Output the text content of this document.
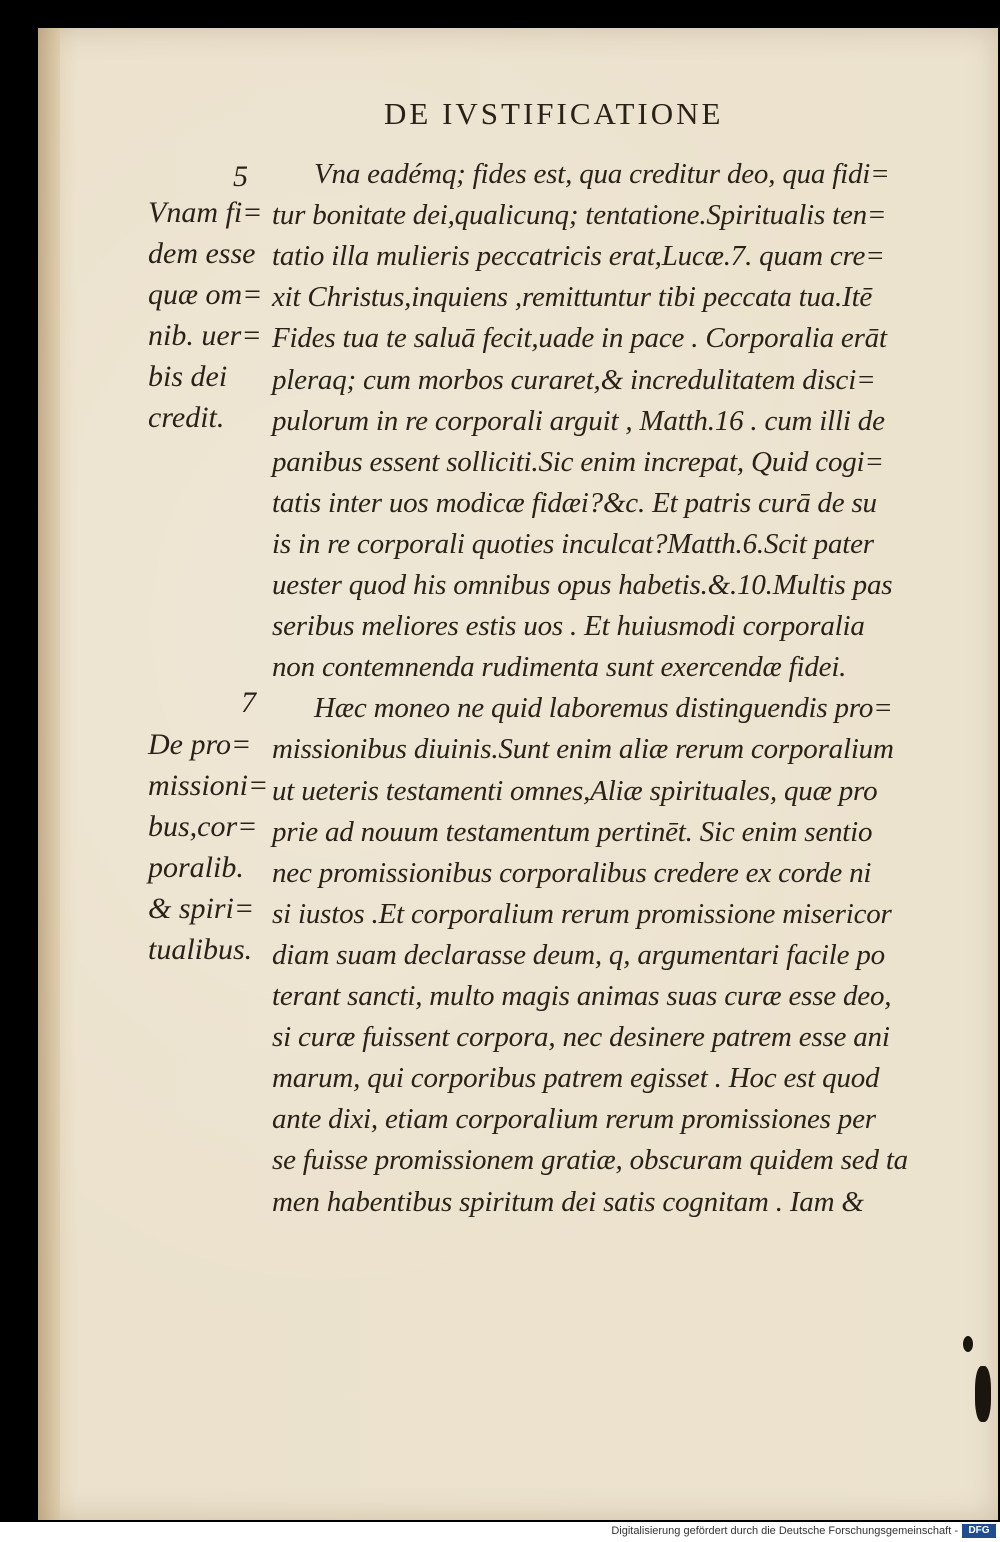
DE IVSTIFICATIONE
5
7
Vnam fi=
dem esse
quæ om=
nib. uer=
bis dei
credit.
De pro=
missioni=
bus,cor=
poralib.
& spiri=
tualibus.
Vna eadémq; fides est, qua creditur deo, qua fidi=
tur bonitate dei,qualicunq; tentatione.Spiritualis ten=
tatio illa mulieris peccatricis erat,Lucæ.7. quam cre=
xit Christus,inquiens ,remittuntur tibi peccata tua.Itē
Fides tua te saluā fecit,uade in pace . Corporalia erāt
pleraq; cum morbos curaret,& incredulitatem disci=
pulorum in re corporali arguit , Matth.16 . cum illi de
panibus essent solliciti.Sic enim increpat, Quid cogi=
tatis inter uos modicæ fidæi?&c. Et patris curā de su
is in re corporali quoties inculcat?Matth.6.Scit pater
uester quod his omnibus opus habetis.&.10.Multis pas
seribus meliores estis uos . Et huiusmodi corporalia
non contemnenda rudimenta sunt exercendæ fidei.
Hæc moneo ne quid laboremus distinguendis pro=
missionibus diuinis.Sunt enim aliæ rerum corporalium
ut ueteris testamenti omnes,Aliæ spirituales, quæ pro
prie ad nouum testamentum pertinēt. Sic enim sentio
nec promissionibus corporalibus credere ex corde ni
si iustos .Et corporalium rerum promissione misericor
diam suam declarasse deum, q, argumentari facile po
terant sancti, multo magis animas suas curæ esse deo,
si curæ fuissent corpora, nec desinere patrem esse ani
marum, qui corporibus patrem egisset . Hoc est quod
ante dixi, etiam corporalium rerum promissiones per
se fuisse promissionem gratiæ, obscuram quidem sed ta
men habentibus spiritum dei satis cognitam . Iam &
Digitalisierung gefördert durch die Deutsche Forschungsgemeinschaft -	DFG
